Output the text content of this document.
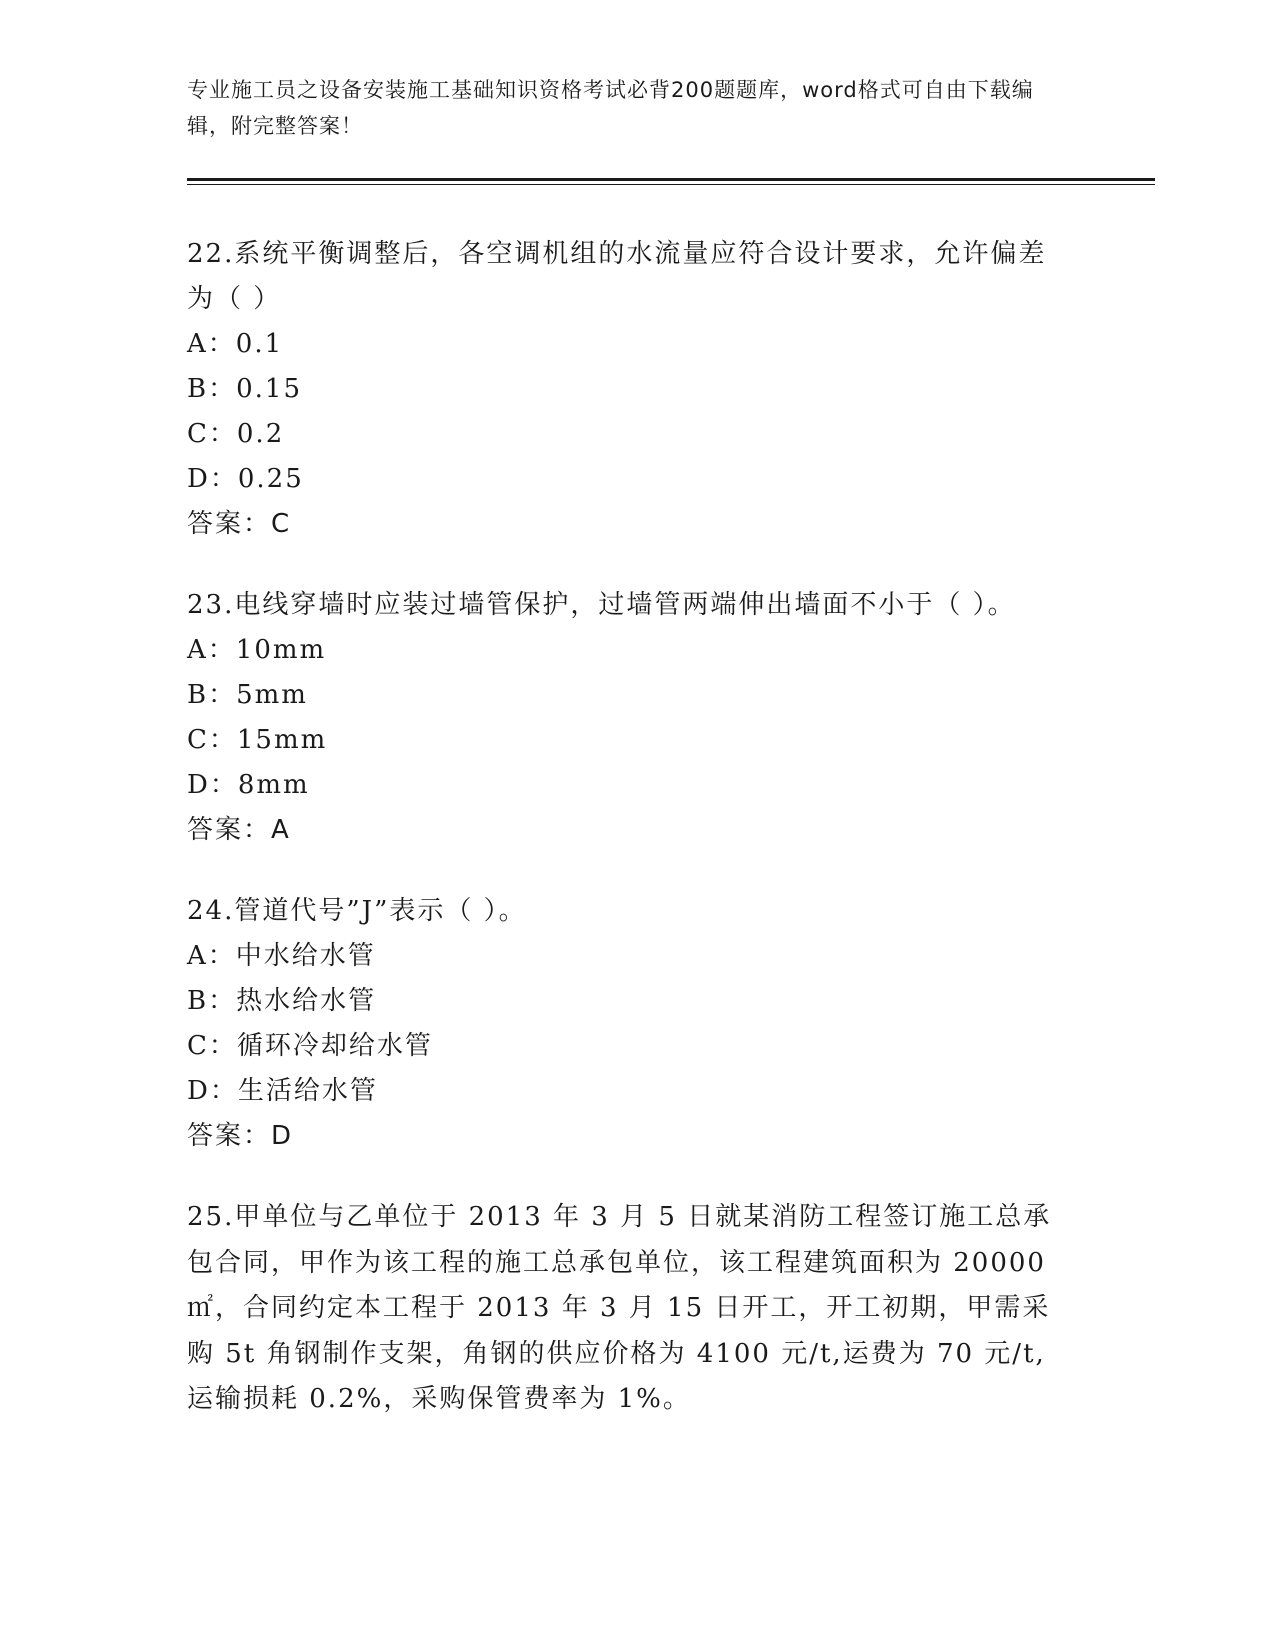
专业施工员之设备安装施工基础知识资格考试必背200题题库，word格式可自由下载编辑，附完整答案！
22.系统平衡调整后，各空调机组的水流量应符合设计要求，允许偏差为（ ）
A：0.1
B：0.15
C：0.2
D：0.25
答案：C
23.电线穿墙时应装过墙管保护，过墙管两端伸出墙面不小于（ ）。
A：10mm
B：5mm
C：15mm
D：8mm
答案：A
24.管道代号”J”表示（ ）。
A：中水给水管
B：热水给水管
C：循环冷却给水管
D：生活给水管
答案：D
25.甲单位与乙单位于 2013 年 3 月 5 日就某消防工程签订施工总承包合同，甲作为该工程的施工总承包单位，该工程建筑面积为 20000㎡，合同约定本工程于 2013 年 3 月 15 日开工，开工初期，甲需采购 5t 角钢制作支架，角钢的供应价格为 4100 元/t,运费为 70 元/t,运输损耗 0.2%，采购保管费率为 1%。
